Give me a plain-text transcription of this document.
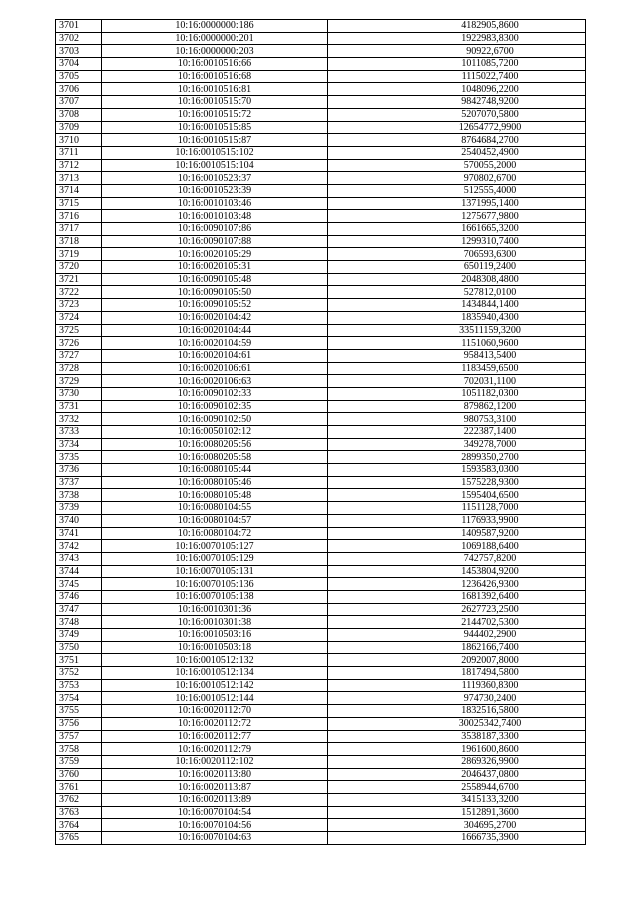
3701	10:16:0000000:186	4182905,8600
3702	10:16:0000000:201	1922983,8300
3703	10:16:0000000:203	90922,6700
3704	10:16:0010516:66	1011085,7200
3705	10:16:0010516:68	1115022,7400
3706	10:16:0010516:81	1048096,2200
3707	10:16:0010515:70	9842748,9200
3708	10:16:0010515:72	5207070,5800
3709	10:16:0010515:85	12654772,9900
3710	10:16:0010515:87	8764684,2700
3711	10:16:0010515:102	2540452,4900
3712	10:16:0010515:104	570055,2000
3713	10:16:0010523:37	970802,6700
3714	10:16:0010523:39	512555,4000
3715	10:16:0010103:46	1371995,1400
3716	10:16:0010103:48	1275677,9800
3717	10:16:0090107:86	1661665,3200
3718	10:16:0090107:88	1299310,7400
3719	10:16:0020105:29	706593,6300
3720	10:16:0020105:31	650119,2400
3721	10:16:0090105:48	2048308,4800
3722	10:16:0090105:50	527812,0100
3723	10:16:0090105:52	1434844,1400
3724	10:16:0020104:42	1835940,4300
3725	10:16:0020104:44	33511159,3200
3726	10:16:0020104:59	1151060,9600
3727	10:16:0020104:61	958413,5400
3728	10:16:0020106:61	1183459,6500
3729	10:16:0020106:63	702031,1100
3730	10:16:0090102:33	1051182,0300
3731	10:16:0090102:35	879862,1200
3732	10:16:0090102:50	980753,3100
3733	10:16:0050102:12	222387,1400
3734	10:16:0080205:56	349278,7000
3735	10:16:0080205:58	2899350,2700
3736	10:16:0080105:44	1593583,0300
3737	10:16:0080105:46	1575228,9300
3738	10:16:0080105:48	1595404,6500
3739	10:16:0080104:55	1151128,7000
3740	10:16:0080104:57	1176933,9900
3741	10:16:0080104:72	1409587,9200
3742	10:16:0070105:127	1069188,6400
3743	10:16:0070105:129	742757,8200
3744	10:16:0070105:131	1453804,9200
3745	10:16:0070105:136	1236426,9300
3746	10:16:0070105:138	1681392,6400
3747	10:16:0010301:36	2627723,2500
3748	10:16:0010301:38	2144702,5300
3749	10:16:0010503:16	944402,2900
3750	10:16:0010503:18	1862166,7400
3751	10:16:0010512:132	2092007,8000
3752	10:16:0010512:134	1817494,5800
3753	10:16:0010512:142	1119360,8300
3754	10:16:0010512:144	974730,2400
3755	10:16:0020112:70	1832516,5800
3756	10:16:0020112:72	30025342,7400
3757	10:16:0020112:77	3538187,3300
3758	10:16:0020112:79	1961600,8600
3759	10:16:0020112:102	2869326,9900
3760	10:16:0020113:80	2046437,0800
3761	10:16:0020113:87	2558944,6700
3762	10:16:0020113:89	3415133,3200
3763	10:16:0070104:54	1512891,3600
3764	10:16:0070104:56	304695,2700
3765	10:16:0070104:63	1666735,3900
